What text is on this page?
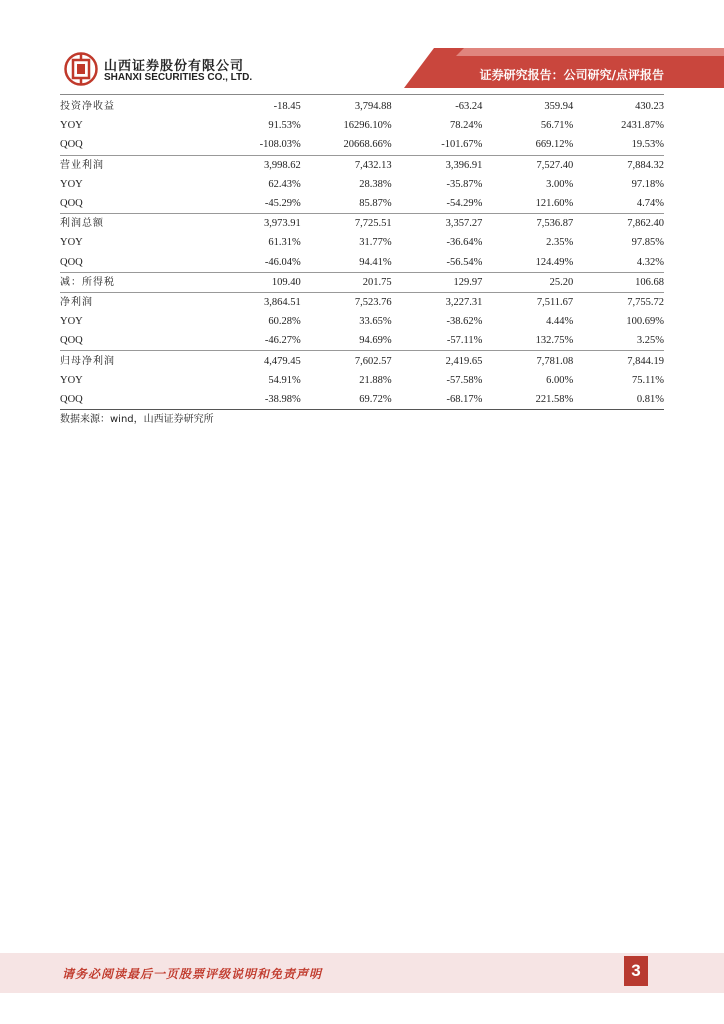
山西证券股份有限公司
SHANXI SECURITIES CO., LTD.	证券研究报告：公司研究/点评报告
投资净收益	-18.45	3,794.88	-63.24	359.94	430.23
YOY	91.53%	16296.10%	78.24%	56.71%	2431.87%
QOQ	-108.03%	20668.66%	-101.67%	669.12%	19.53%
营业利润	3,998.62	7,432.13	3,396.91	7,527.40	7,884.32
YOY	62.43%	28.38%	-35.87%	3.00%	97.18%
QOQ	-45.29%	85.87%	-54.29%	121.60%	4.74%
利润总额	3,973.91	7,725.51	3,357.27	7,536.87	7,862.40
YOY	61.31%	31.77%	-36.64%	2.35%	97.85%
QOQ	-46.04%	94.41%	-56.54%	124.49%	4.32%
减：所得税	109.40	201.75	129.97	25.20	106.68
净利润	3,864.51	7,523.76	3,227.31	7,511.67	7,755.72
YOY	60.28%	33.65%	-38.62%	4.44%	100.69%
QOQ	-46.27%	94.69%	-57.11%	132.75%	3.25%
归母净利润	4,479.45	7,602.57	2,419.65	7,781.08	7,844.19
YOY	54.91%	21.88%	-57.58%	6.00%	75.11%
QOQ	-38.98%	69.72%	-68.17%	221.58%	0.81%
数据来源：wind，山西证券研究所
请务必阅读最后一页股票评级说明和免责声明	3
